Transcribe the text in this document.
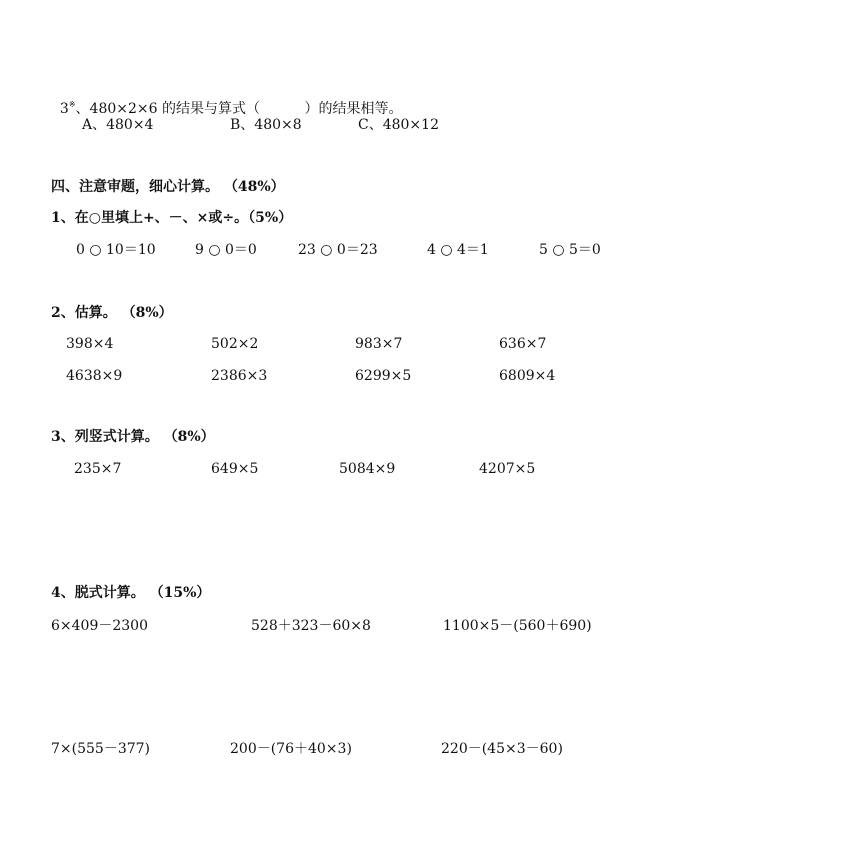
3※、480×2×6 的结果与算式（          ）的结果相等。

A、480×4	B、480×8	C、480×12
四、注意审题，细心计算。 （48%）
1、在○里填上+、－、×或÷。（5%）
0 ○ 10＝10	9 ○ 0＝0	23 ○ 0＝23	4 ○ 4＝1	5 ○ 5＝0
2、估算。 （8%）
398×4	502×2	983×7	636×7
4638×9	2386×3	6299×5	6809×4
3、列竖式计算。 （8%）
235×7	649×5	5084×9	4207×5
4、脱式计算。 （15%）
6×409－2300	528＋323－60×8	1100×5－(560＋690)
7×(555－377)	200－(76＋40×3)	220－(45×3－60)
